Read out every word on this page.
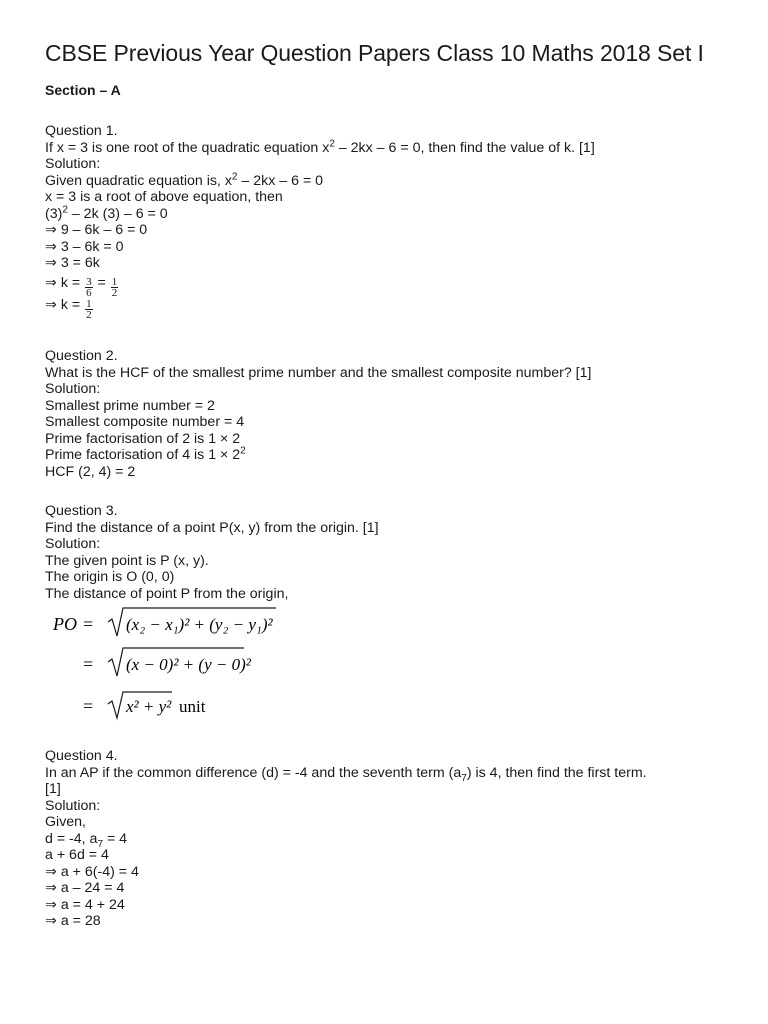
CBSE Previous Year Question Papers Class 10 Maths 2018 Set I
Section – A
Question 1.
If x = 3 is one root of the quadratic equation $x^2 - 2kx - 6 = 0$, then find the value of k. [1]
Solution:
Given quadratic equation is, $x^2 - 2kx - 6 = 0$
x = 3 is a root of above equation, then
$(3)^2 - 2k$ (3) – 6 = 0
⇒ 9 – 6k – 6 = 0
⇒ 3 – 6k = 0
⇒ 3 = 6k
⇒ $k = \frac{3}{6} = \frac{1}{2}$
⇒ $k = \frac{1}{2}$
Question 2.
What is the HCF of the smallest prime number and the smallest composite number? [1]
Solution:
Smallest prime number = 2
Smallest composite number = 4
Prime factorisation of 2 is 1 × 2
Prime factorisation of 4 is $1 \times 2^2$
HCF (2, 4) = 2
Question 3.
Find the distance of a point P(x, y) from the origin. [1]
Solution:
The given point is P (x, y).
The origin is O (0, 0)
The distance of point P from the origin,
PO = (x₂ − x₁)² + (y₂ − y₁)²
= (x − 0)² + (y − 0)²
= x² + y² unit
Question 4.
In an AP if the common difference (d) = -4 and the seventh term $(a_7)$ is 4, then find the first term.
[1]
Solution:
Given,
d = -4, $a_7 = 4$
a + 6d = 4
⇒ a + 6(-4) = 4
⇒ a – 24 = 4
⇒ a = 4 + 24
⇒ a = 28
